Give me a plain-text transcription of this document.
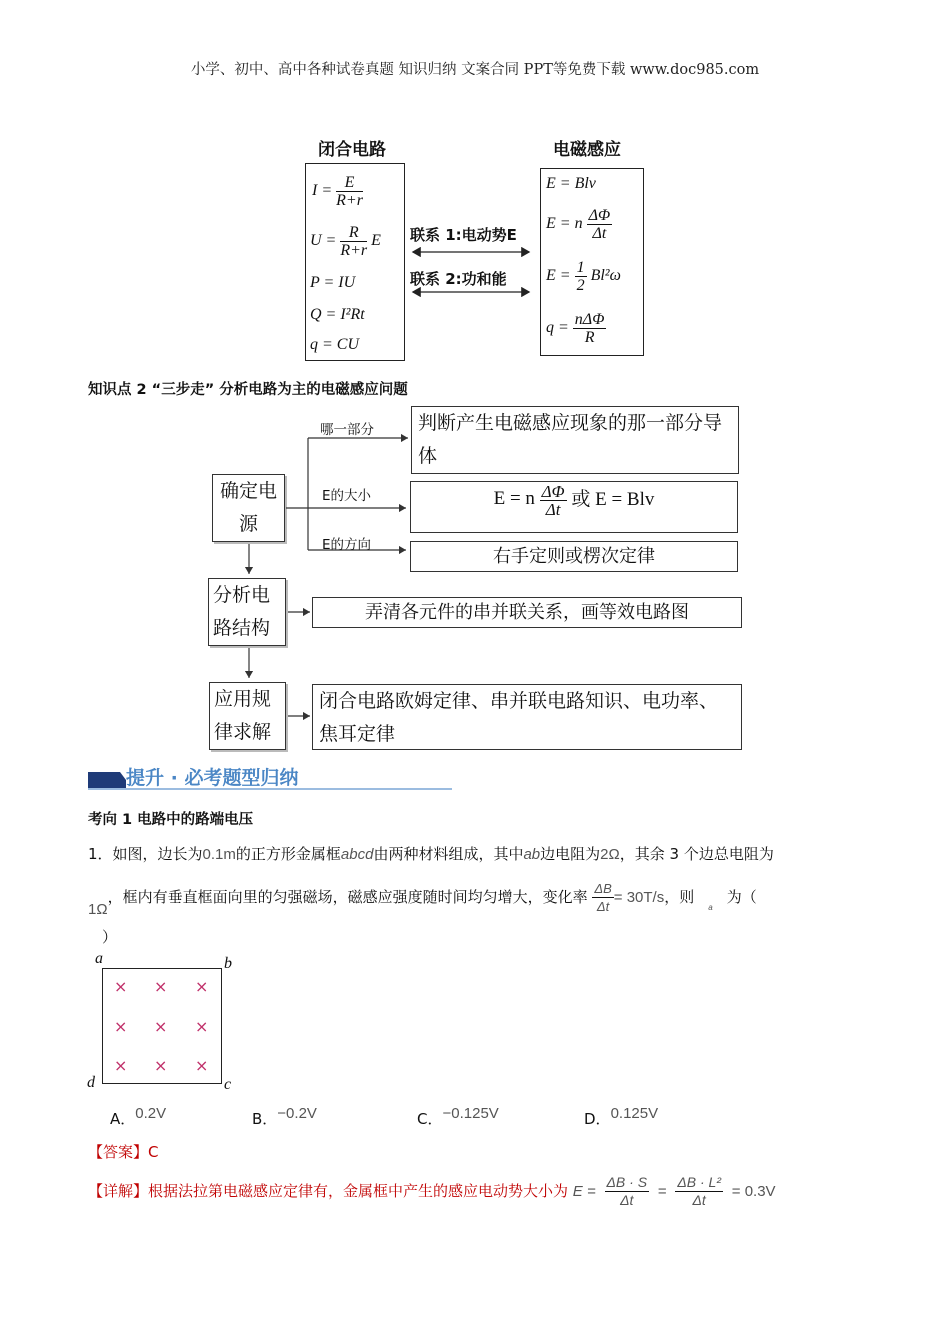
小学、初中、高中各种试卷真题 知识归纳 文案合同 PPT等免费下载 www.doc985.com
闭合电路	电磁感应
$I = \frac{E}{R+r}$
$U = \frac{R}{R+r}$ E
P = IU
Q = I²Rt
q = CU
E = Blv
E = n $\frac{\Delta\Phi}{\Delta t}$
$E = \frac{1}{2} Bl^2\omega$
$q = \frac{\text{nΔΦ}}{R}$
联系 1:电动势E
联系 2:功和能
知识点 2 “三步走” 分析电路为主的电磁感应问题
确定电源
分析电路结构
应用规律求解
判断产生电磁感应现象的那一部分导体
E = n $\frac{\Delta\Phi}{\Delta t}$ 或 E = Blv
右手定则或楞次定律
弄清各元件的串并联关系，画等效电路图
闭合电路欧姆定律、串并联电路知识、电功率、焦耳定律
哪一部分
E的大小
E的方向
提升 · 必考题型归纳
考向 1 电路中的路端电压
1．如图，边长为0.1m的正方形金属框abcd由两种材料组成，其中ab边电阻为2Ω，其余 3 个边总电阻为
1Ω，框内有垂直框面向里的匀强磁场，磁感应强度随时间均匀增大，变化率 $\frac{\Delta B}{\Delta t} = 30T/s$，则$_a$为（
）
a	b
c
d
× × ×
× × ×
× × ×
A．0.2V	B．−0.2V	C．−0.125V	D．0.125V
【答案】C
【详解】根据法拉第电磁感应定律有，金属框中产生的感应电动势大小为 $E = \frac{\Delta B \cdot S}{\Delta t} = \frac{\text{ΔB · L²}}{\Delta t} = 0.3V$
